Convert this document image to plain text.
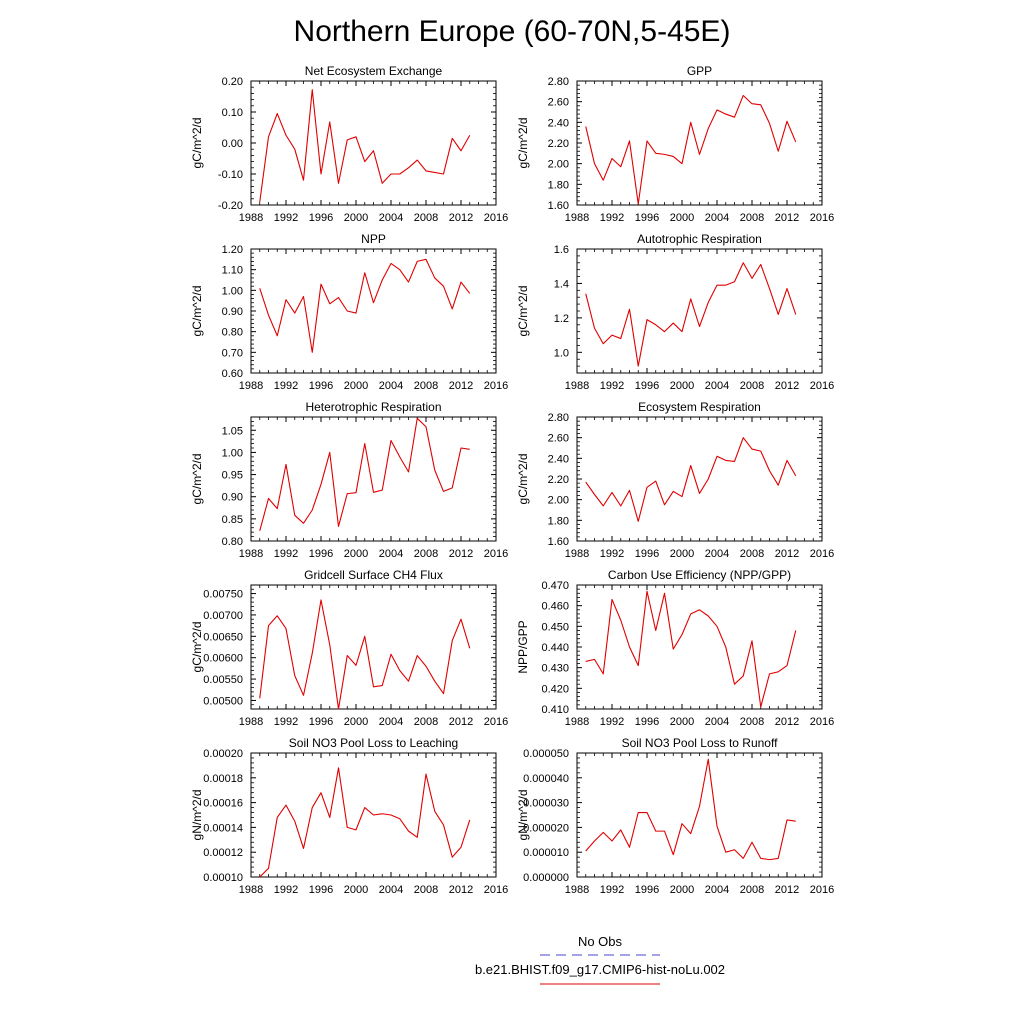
Northern Europe (60-70N,5-45E)
Net Ecosystem Exchange
gC/m^2/d
1988 1992 1996 2000 2004 2008 2012 2016
-0.20
-0.10
0.00
0.10
0.20
GPP
gC/m^2/d
1988 1992 1996 2000 2004 2008 2012 2016
1.60
1.80
2.00
2.20
2.40
2.60
2.80
NPP
gC/m^2/d
1988 1992 1996 2000 2004 2008 2012 2016
0.60
0.70
0.80
0.90
1.00
1.10
1.20
Autotrophic Respiration
gC/m^2/d
1988 1992 1996 2000 2004 2008 2012 2016
1.0
1.2
1.4
1.6
Heterotrophic Respiration
gC/m^2/d
1988 1992 1996 2000 2004 2008 2012 2016
0.80
0.85
0.90
0.95
1.00
1.05
Ecosystem Respiration
gC/m^2/d
1988 1992 1996 2000 2004 2008 2012 2016
1.60
1.80
2.00
2.20
2.40
2.60
2.80
Gridcell Surface CH4 Flux
gC/m^2/d
1988 1992 1996 2000 2004 2008 2012 2016
0.00500
0.00550
0.00600
0.00650
0.00700
0.00750
Carbon Use Efficiency (NPP/GPP)
NPP/GPP
1988 1992 1996 2000 2004 2008 2012 2016
0.410
0.420
0.430
0.440
0.450
0.460
0.470
Soil NO3 Pool Loss to Leaching
gN/m^2/d
1988 1992 1996 2000 2004 2008 2012 2016
0.00010
0.00012
0.00014
0.00016
0.00018
0.00020
Soil NO3 Pool Loss to Runoff
gN/m^2/d
1988 1992 1996 2000 2004 2008 2012 2016
0.000000
0.000010
0.000020
0.000030
0.000040
0.000050
No Obs
b.e21.BHIST.f09_g17.CMIP6-hist-noLu.002
